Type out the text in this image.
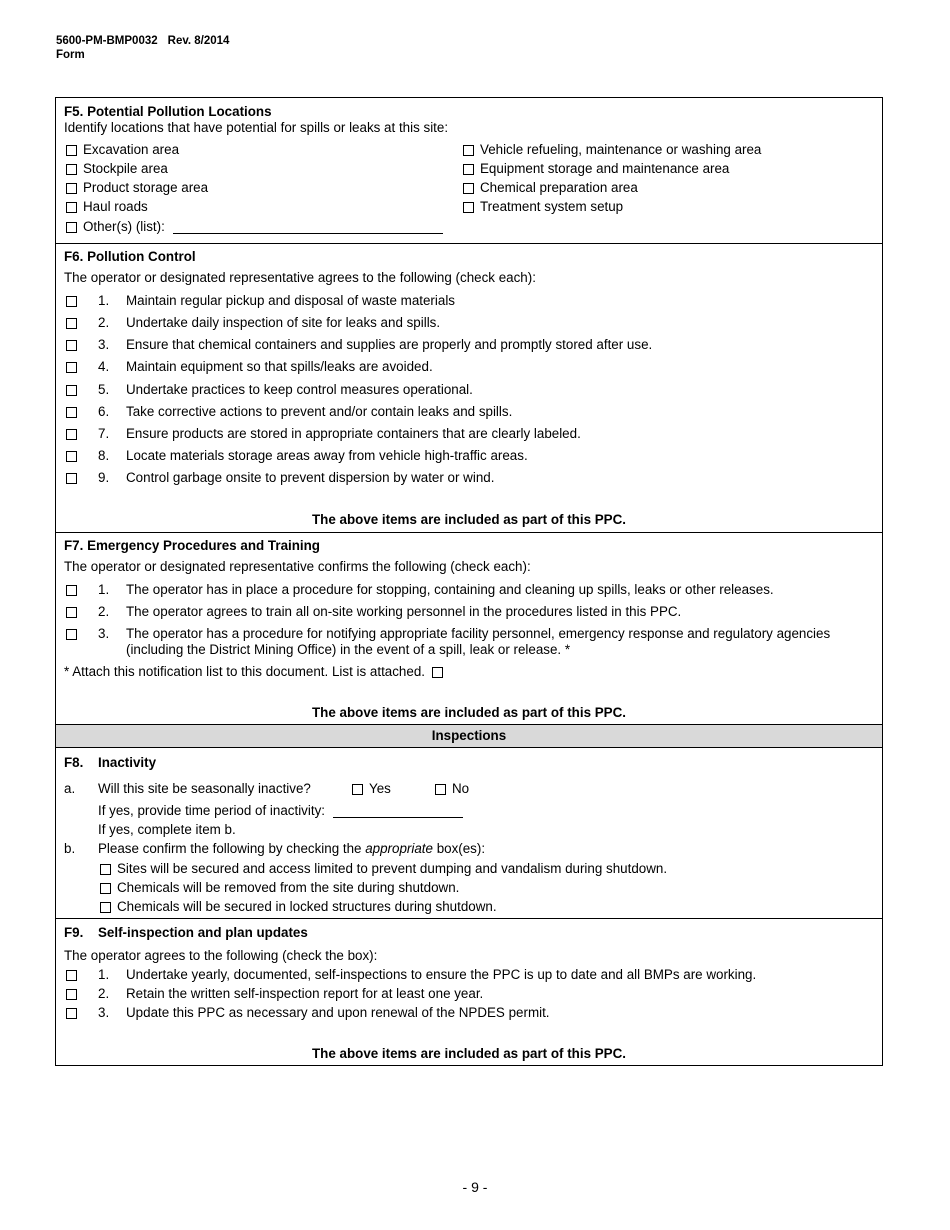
5600-PM-BMP0032 Rev. 8/2014
Form
F5. Potential Pollution Locations
Identify locations that have potential for spills or leaks at this site:
Excavation area
Stockpile area
Product storage area
Haul roads
Other(s) (list):
Vehicle refueling, maintenance or washing area
Equipment storage and maintenance area
Chemical preparation area
Treatment system setup
F6. Pollution Control
The operator or designated representative agrees to the following (check each):
1. Maintain regular pickup and disposal of waste materials
2. Undertake daily inspection of site for leaks and spills.
3. Ensure that chemical containers and supplies are properly and promptly stored after use.
4. Maintain equipment so that spills/leaks are avoided.
5. Undertake practices to keep control measures operational.
6. Take corrective actions to prevent and/or contain leaks and spills.
7. Ensure products are stored in appropriate containers that are clearly labeled.
8. Locate materials storage areas away from vehicle high-traffic areas.
9. Control garbage onsite to prevent dispersion by water or wind.
The above items are included as part of this PPC.
F7. Emergency Procedures and Training
The operator or designated representative confirms the following (check each):
1. The operator has in place a procedure for stopping, containing and cleaning up spills, leaks or other releases.
2. The operator agrees to train all on-site working personnel in the procedures listed in this PPC.
3. The operator has a procedure for notifying appropriate facility personnel, emergency response and regulatory agencies
(including the District Mining Office) in the event of a spill, leak or release. *
* Attach this notification list to this document. List is attached.
The above items are included as part of this PPC.
Inspections
F8. Inactivity
a. Will this site be seasonally inactive?	Yes	No
If yes, provide time period of inactivity:
If yes, complete item b.
b. Please confirm the following by checking the appropriate box(es):
Sites will be secured and access limited to prevent dumping and vandalism during shutdown.
Chemicals will be removed from the site during shutdown.
Chemicals will be secured in locked structures during shutdown.
F9. Self-inspection and plan updates
The operator agrees to the following (check the box):
1. Undertake yearly, documented, self-inspections to ensure the PPC is up to date and all BMPs are working.
2. Retain the written self-inspection report for at least one year.
3. Update this PPC as necessary and upon renewal of the NPDES permit.
The above items are included as part of this PPC.
- 9 -
